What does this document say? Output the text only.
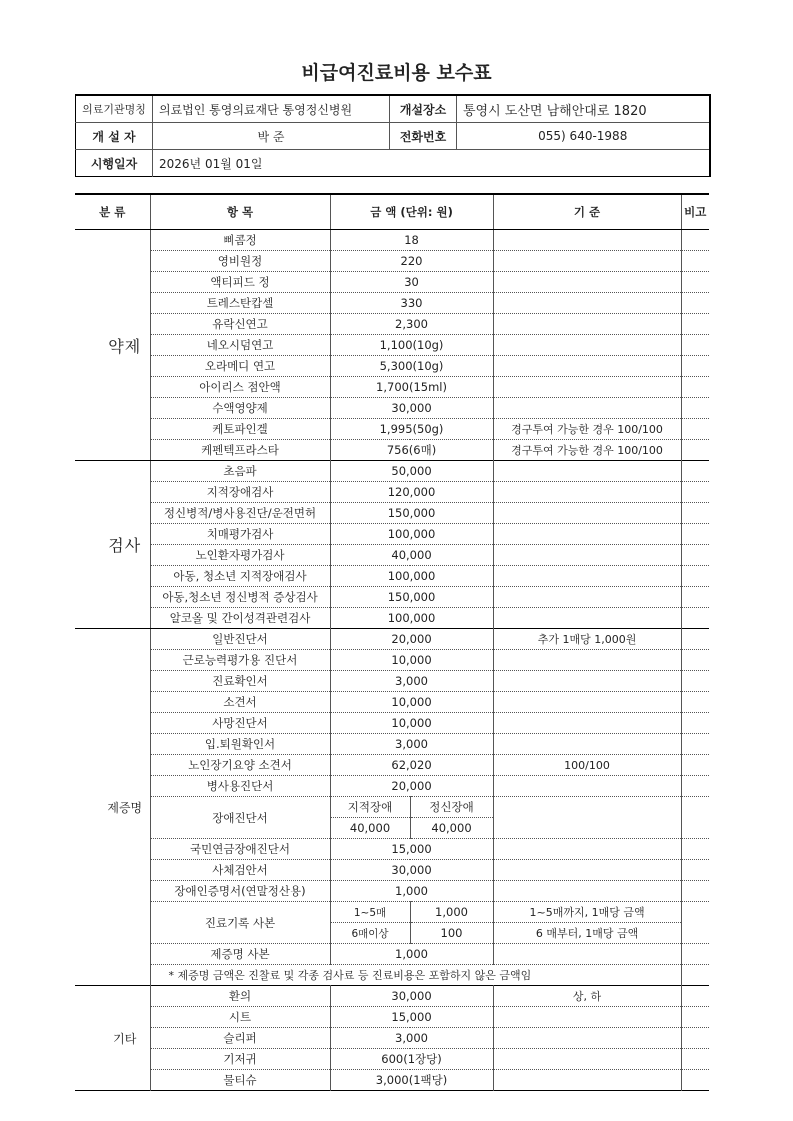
비급여진료비용 보수표
의료기관명칭	의료법인 통영의료재단 통영정신병원	개설장소	통영시 도산면 남해안대로 1820
개 설 자	박 준	전화번호	055) 640-1988
시행일자	2026년 01월 01일		
분 류		항 목	금 액 (단위: 원)		기 준	비고
	약제	삐콤정	18			
		영비원정	220			
		액티피드 정	30			
		트레스탄캅셀	330			
		유락신연고	2,300			
		네오시덤연고	1,100(10g)			
		오라메디 연고	5,300(10g)			
		아이리스 점안액	1,700(15ml)			
		수액영양제	30,000			
		케토파인겔	1,995(50g)		경구투여 가능한 경우 100/100	
		케펜텍프라스타	756(6매)		경구투여 가능한 경우 100/100	
	검사	초음파	50,000			
		지적장애검사	120,000			
		정신병적/병사용진단/운전면허	150,000			
		치매평가검사	100,000			
		노인환자평가검사	40,000			
		아동, 청소년 지적장애검사	100,000			
		아동,청소년 정신병적 증상검사	150,000			
		알코올 및 간이성격관련검사	100,000			
	제증명	일반진단서	20,000		추가 1매당 1,000원	
		근로능력평가용 진단서	10,000			
		진료확인서	3,000			
		소견서	10,000			
		사망진단서	10,000			
		입.퇴원확인서	3,000			
		노인장기요양 소견서	62,020		100/100	
		병사용진단서	20,000			
		장애진단서	지적장애	정신장애		
			40,000	40,000		
		국민연금장애진단서	15,000			
		사체검안서	30,000			
		장애인증명서(연말정산용)	1,000			
		진료기록 사본	1~5매	1,000	1~5매까지, 1매당 금액	
			6매이상	100	6 매부터, 1매당 금액	
		제증명 사본	1,000			
		* 제증명 금액은 진찰료 및 각종 검사료 등 진료비용은 포함하지 않은 금액임				
	기타	환의	30,000		상, 하	
		시트	15,000			
		슬리퍼	3,000			
		기저귀	600(1장당)			
		물티슈	3,000(1팩당)			
